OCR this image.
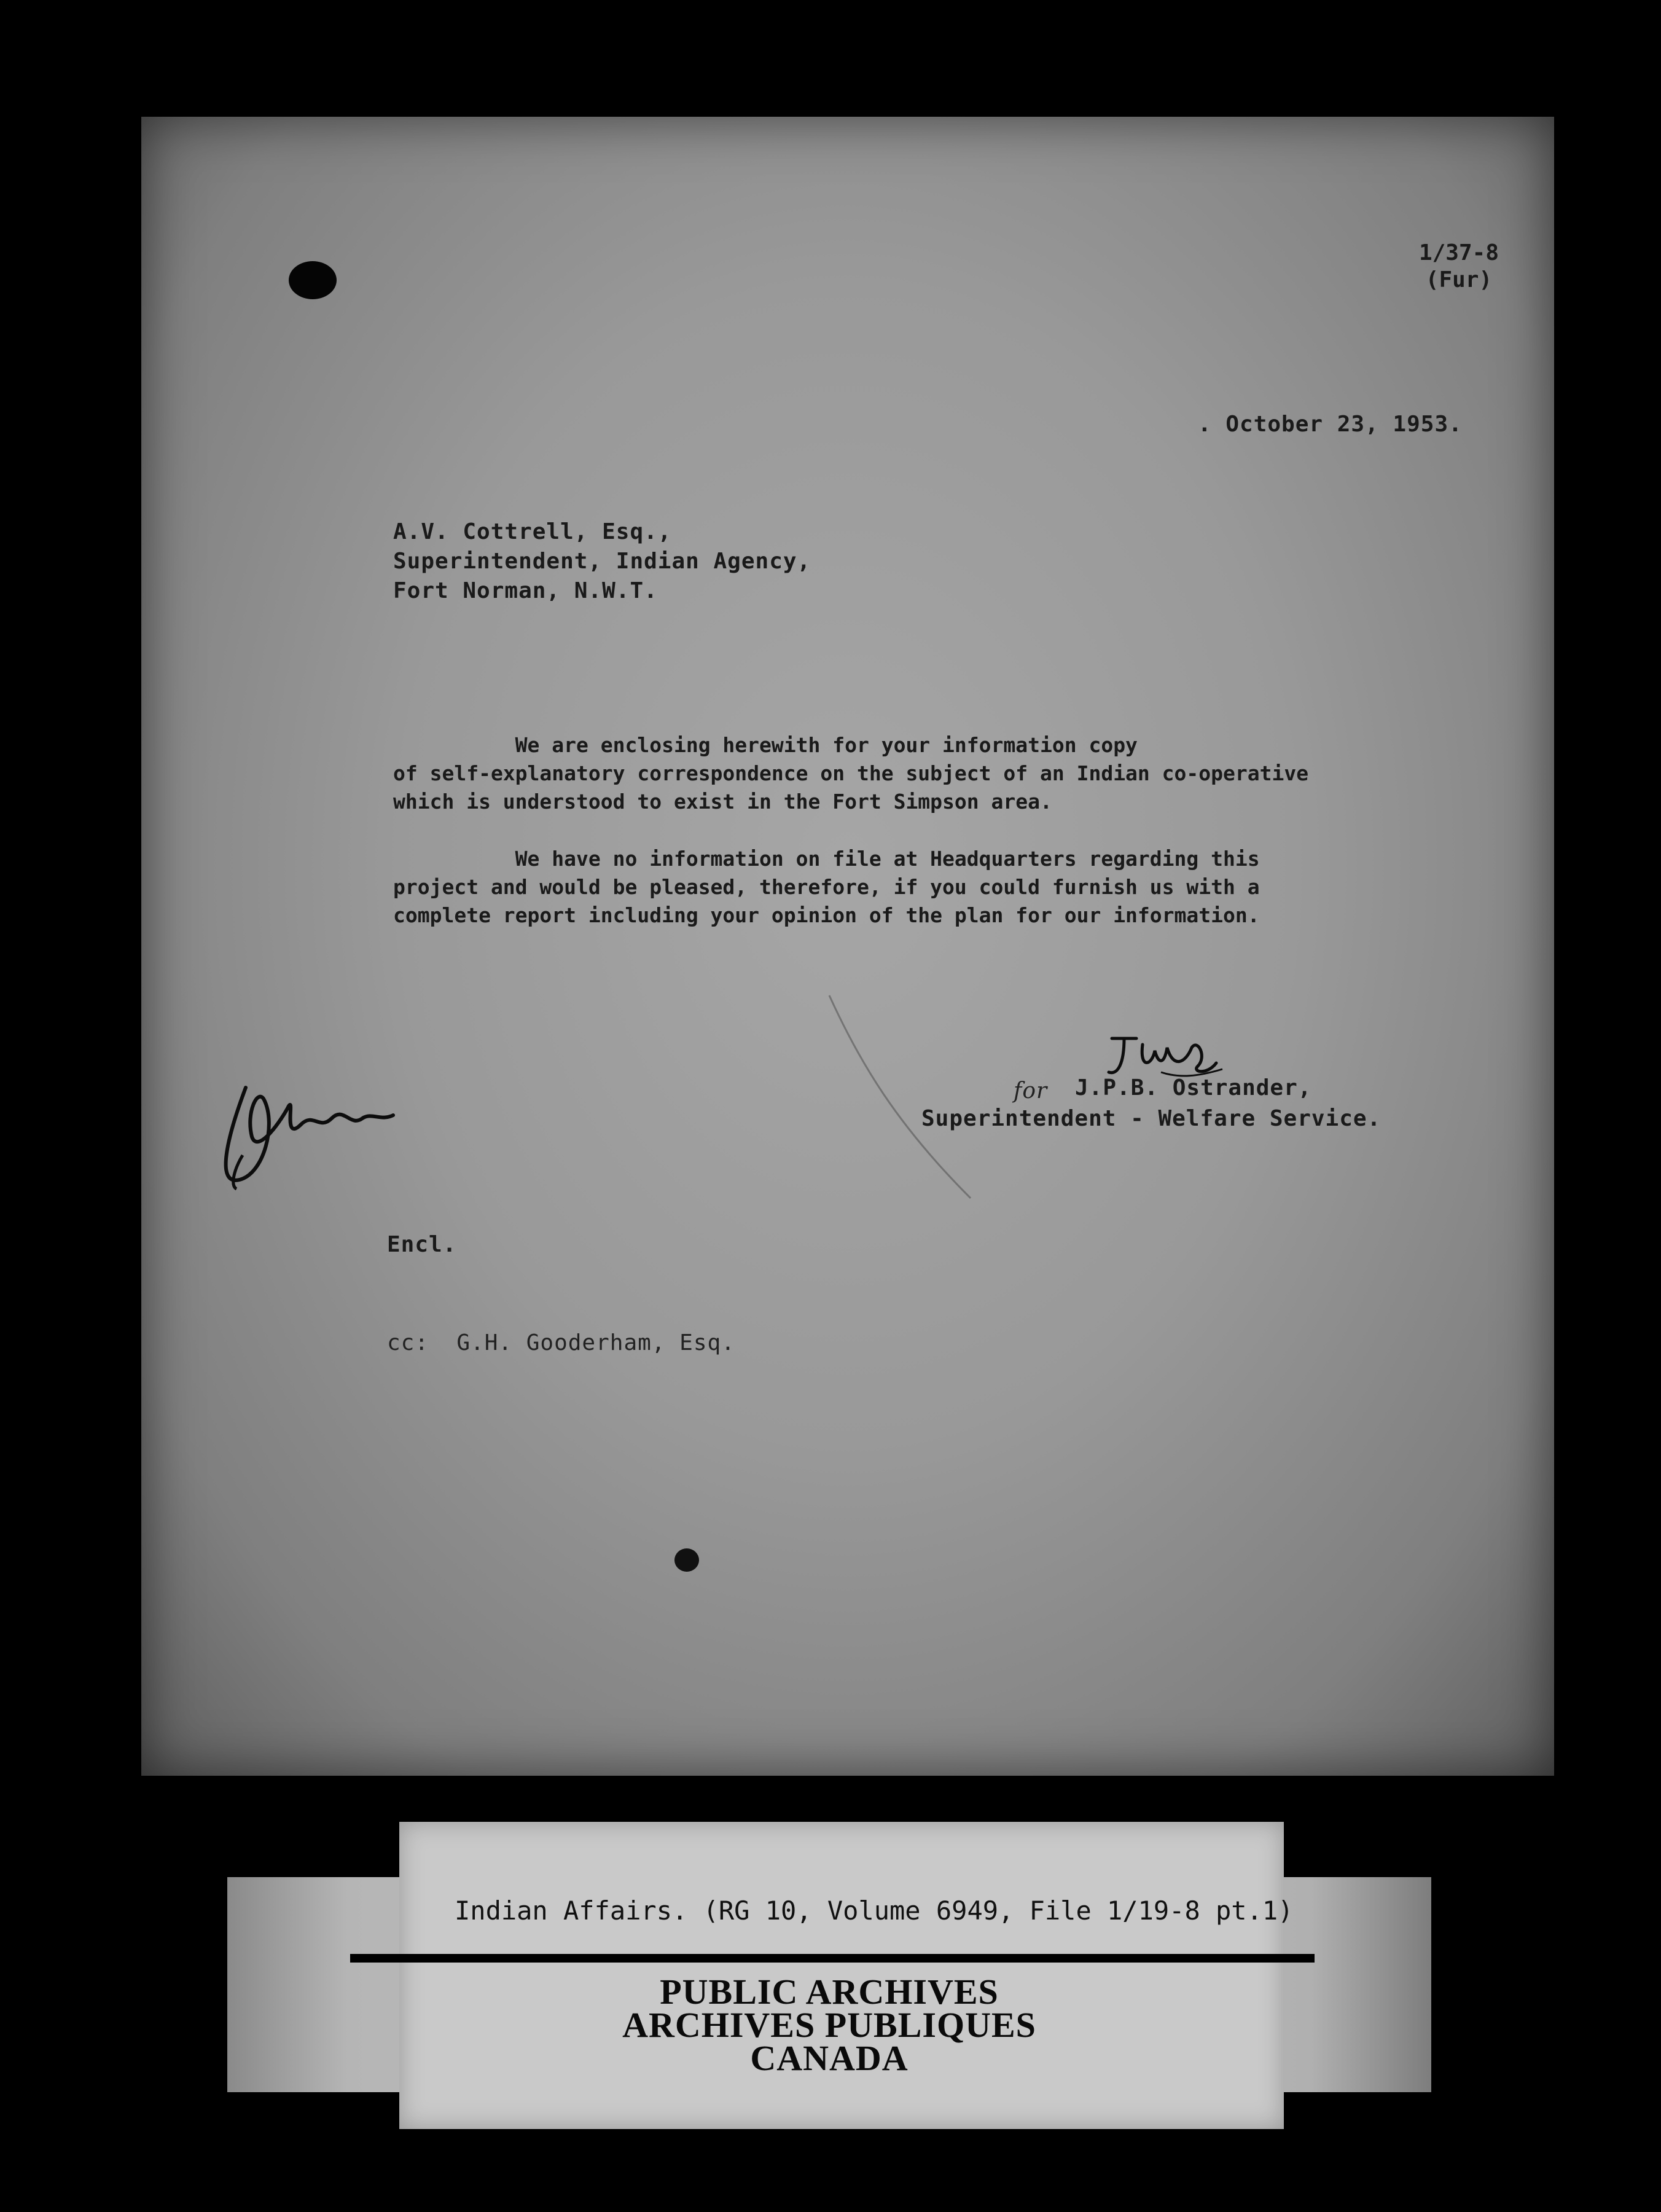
1/37-8
(Fur)
. October 23, 1953.
A.V. Cottrell, Esq.,
Superintendent, Indian Agency,
Fort Norman, N.W.T.
We are enclosing herewith for your information copy
of self-explanatory correspondence on the subject of an Indian co-operative
which is understood to exist in the Fort Simpson area.
We have no information on file at Headquarters regarding this
project and would be pleased, therefore, if you could furnish us with a
complete report including your opinion of the plan for our information.
for J.P.B. Ostrander,
Superintendent - Welfare Service.
Encl.
cc:  G.H. Gooderham, Esq.
Indian Affairs. (RG 10, Volume 6949, File 1/19-8 pt.1)
PUBLIC ARCHIVES
ARCHIVES PUBLIQUES
CANADA
